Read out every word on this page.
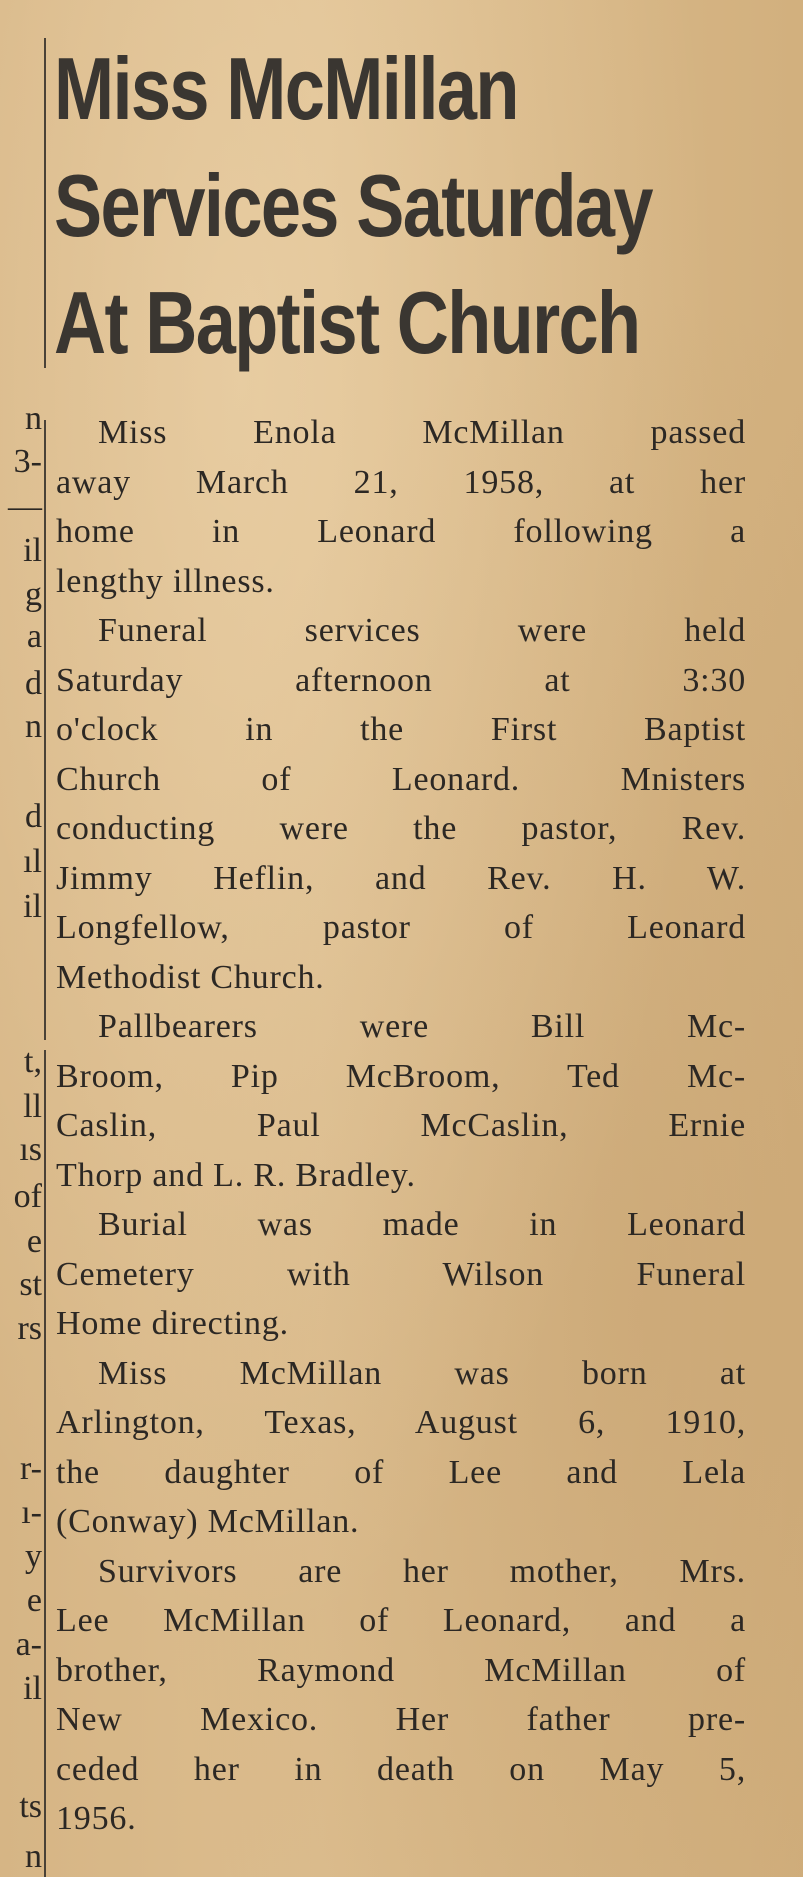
n
3-
—
il
g
a
d
n
d
ıl
il
t,
ll
ıs
of
e
st
rs
r-
ı-
y
e
a-
il
ts
n
Miss McMillan
Services Saturday
At Baptist Church

Miss Enola McMillan passed
away March 21, 1958, at her
home in Leonard following a
lengthy illness.

Funeral services were held
Saturday afternoon at 3:30
o'clock in the First Baptist
Church of Leonard. Mnisters
conducting were the pastor, Rev.
Jimmy Heflin, and Rev. H. W.
Longfellow, pastor of Leonard
Methodist Church.

Pallbearers were Bill Mc-
Broom, Pip McBroom, Ted Mc-
Caslin, Paul McCaslin, Ernie
Thorp and L. R. Bradley.

Burial was made in Leonard
Cemetery with Wilson Funeral
Home directing.

Miss McMillan was born at
Arlington, Texas, August 6, 1910,
the daughter of Lee and Lela
(Conway) McMillan.

Survivors are her mother, Mrs.
Lee McMillan of Leonard, and a
brother, Raymond McMillan of
New Mexico. Her father pre-
ceded her in death on May 5,
1956.
